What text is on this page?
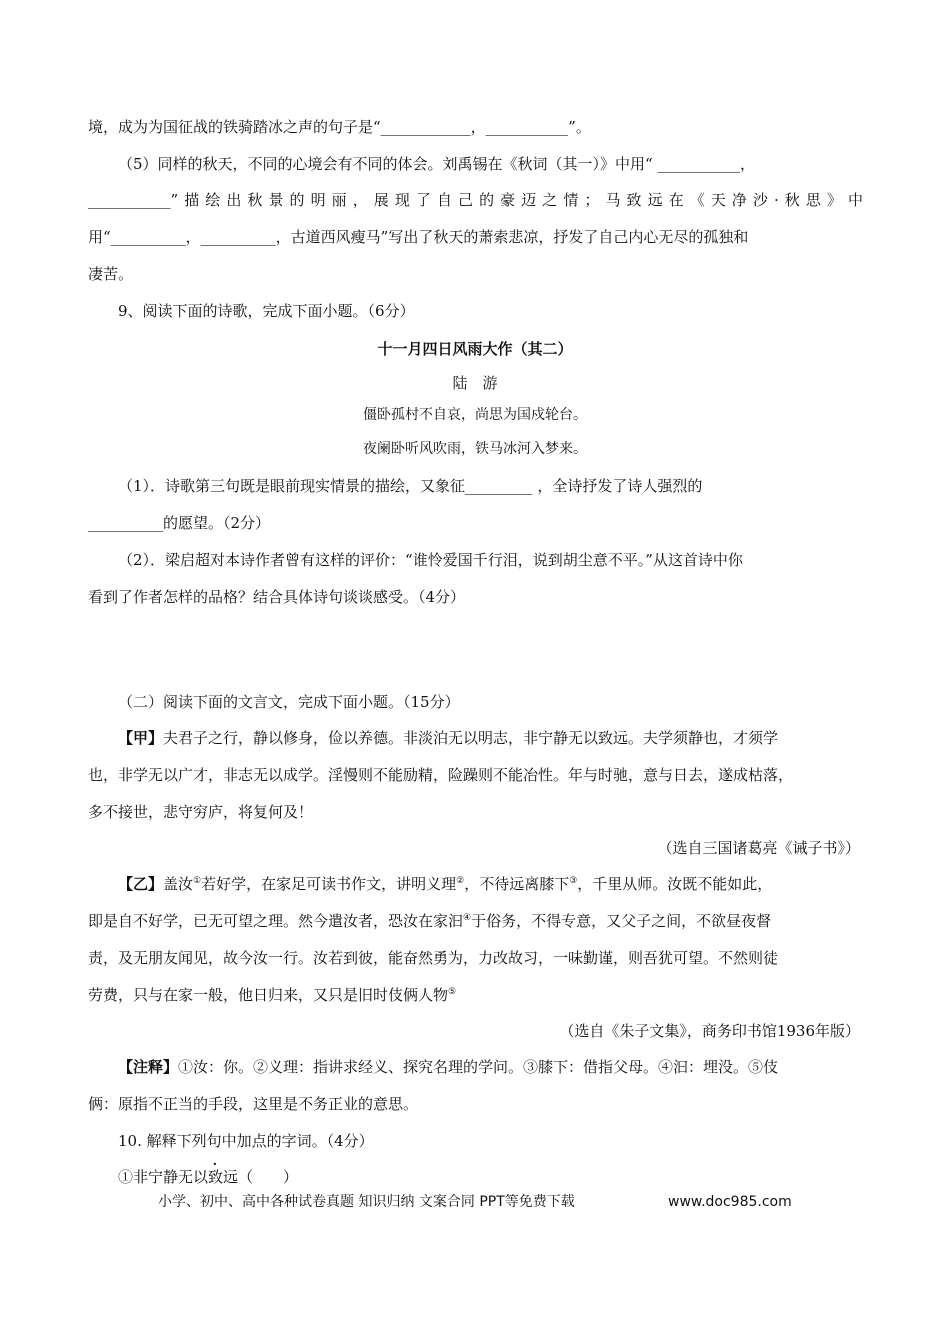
境，成为为国征战的铁骑踏冰之声的句子是“____________，___________”。
（5）同样的秋天，不同的心境会有不同的体会。刘禹锡在《秋词（其一）》中用“ ___________，
___________” 描 绘 出 秋 景 的 明 丽 ， 展 现 了 自 己 的 豪 迈 之 情 ； 马 致 远 在 《 天 净 沙 · 秋 思 》 中
用“__________，__________，古道西风瘦马”写出了秋天的萧索悲凉，抒发了自己内心无尽的孤独和
凄苦。
9、阅读下面的诗歌，完成下面小题。（6分）
十一月四日风雨大作（其二）
陆　游
僵卧孤村不自哀，尚思为国戍轮台。
夜阑卧听风吹雨，铁马冰河入梦来。
（1）．诗歌第三句既是眼前现实情景的描绘，又象征_________ ，全诗抒发了诗人强烈的
__________的愿望。（2分）
（2）．梁启超对本诗作者曾有这样的评价：“谁怜爱国千行泪，说到胡尘意不平。”从这首诗中你
看到了作者怎样的品格？结合具体诗句谈谈感受。（4分）
（二）阅读下面的文言文，完成下面小题。（15分）
【甲】夫君子之行，静以修身，俭以养德。非淡泊无以明志，非宁静无以致远。夫学须静也，才须学
也，非学无以广才，非志无以成学。淫慢则不能励精，险躁则不能冶性。年与时驰，意与日去，遂成枯落，
多不接世，悲守穷庐，将复何及！
（选自三国诸葛亮《诫子书》）
【乙】盖汝①若好学，在家足可读书作文，讲明义理②，不待远离膝下③，千里从师。汝既不能如此，
即是自不好学，已无可望之理。然今遣汝者，恐汝在家汩④于俗务，不得专意，又父子之间，不欲昼夜督
责，及无朋友闻见，故今汝一行。汝若到彼，能奋然勇为，力改故习，一味勤谨，则吾犹可望。不然则徒
劳费，只与在家一般，他日归来，又只是旧时伎俩人物⑤
（选自《朱子文集》，商务印书馆1936年版）
【注释】①汝：你。②义理：指讲求经义、探究名理的学问。③膝下：借指父母。④汩：埋没。⑤伎
俩：原指不正当的手段，这里是不务正业的意思。
10. 解释下列句中加点的字词。（4分）
①非宁静无以致远（　　）
小学、初中、高中各种试卷真题 知识归纳 文案合同 PPT等免费下载	www.doc985.com
